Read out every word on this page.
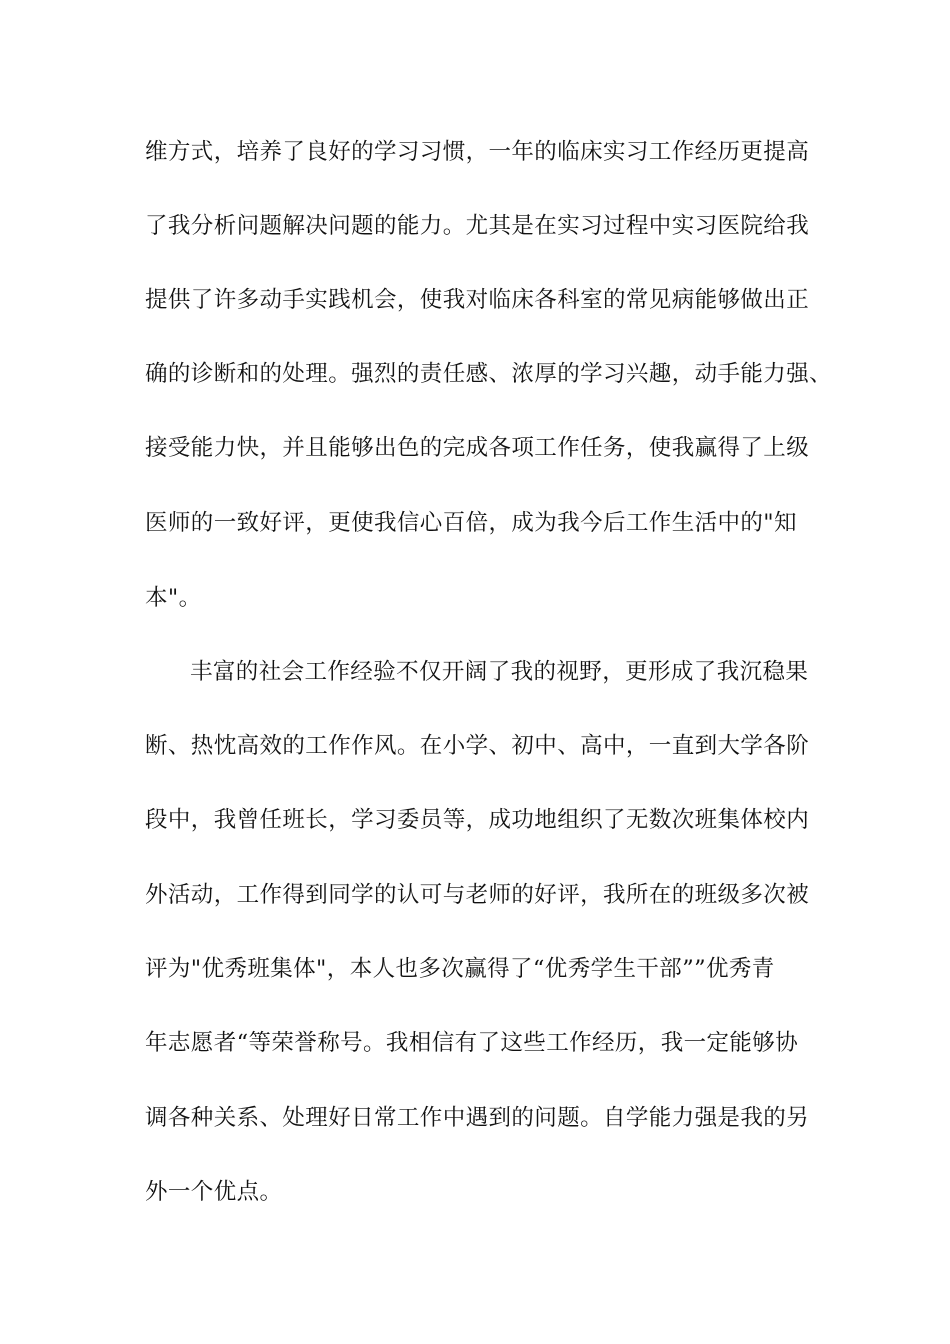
维方式，培养了良好的学习习惯，一年的临床实习工作经历更提高
了我分析问题解决问题的能力。尤其是在实习过程中实习医院给我
提供了许多动手实践机会，使我对临床各科室的常见病能够做出正
确的诊断和的处理。强烈的责任感、浓厚的学习兴趣，动手能力强、
接受能力快，并且能够出色的完成各项工作任务，使我赢得了上级
医师的一致好评，更使我信心百倍，成为我今后工作生活中的"知
本"。
丰富的社会工作经验不仅开阔了我的视野，更形成了我沉稳果
断、热忱高效的工作作风。在小学、初中、高中，一直到大学各阶
段中，我曾任班长，学习委员等，成功地组织了无数次班集体校内
外活动，工作得到同学的认可与老师的好评，我所在的班级多次被
评为"优秀班集体"，本人也多次赢得了“优秀学生干部””优秀青
年志愿者“等荣誉称号。我相信有了这些工作经历，我一定能够协
调各种关系、处理好日常工作中遇到的问题。自学能力强是我的另
外一个优点。
